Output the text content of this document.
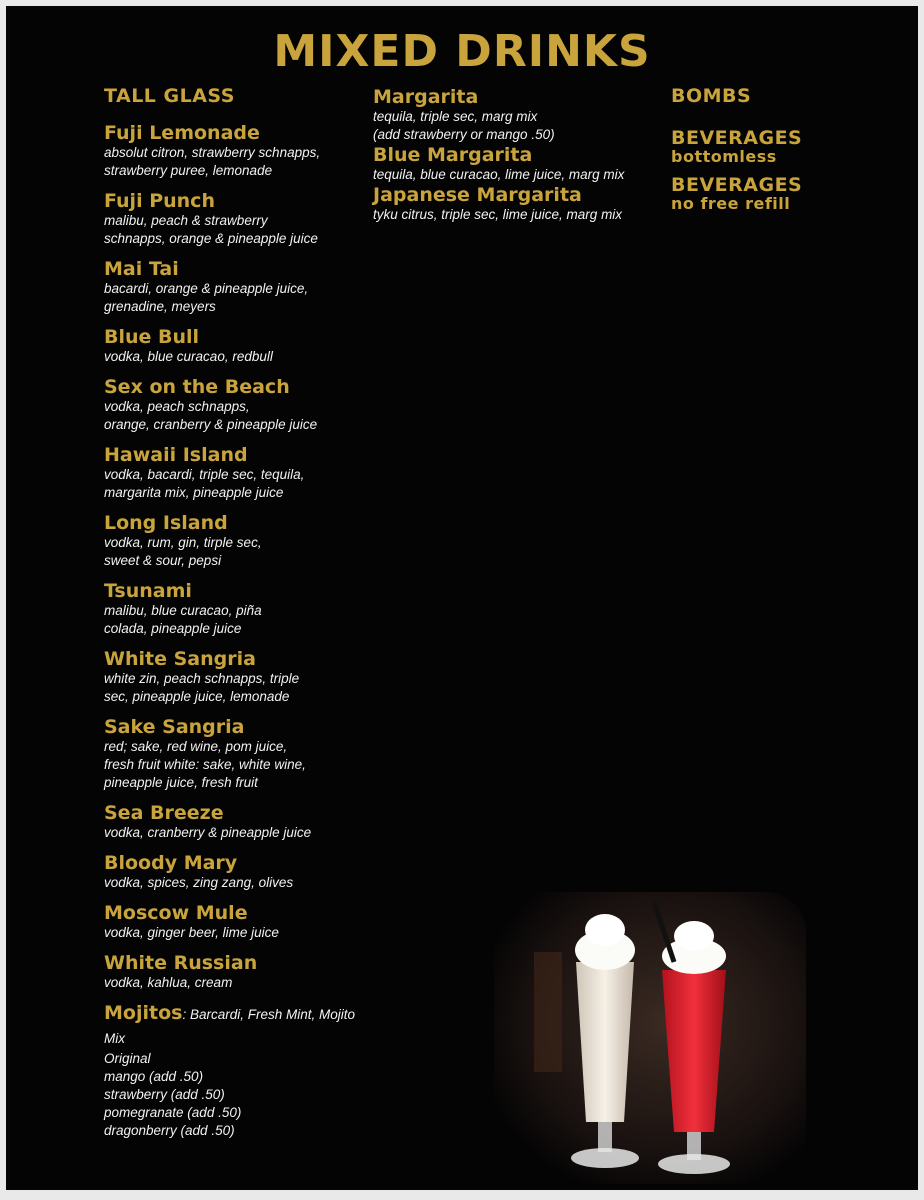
MIXED DRINKS
TALL GLASS
Fuji Lemonade
absolut citron, strawberry schnapps,
strawberry puree, lemonade
Fuji Punch
malibu, peach & strawberry
schnapps, orange & pineapple juice
Mai Tai
bacardi, orange & pineapple juice,
grenadine, meyers
Blue Bull
vodka, blue curacao, redbull
Sex on the Beach
vodka, peach schnapps,
orange, cranberry & pineapple juice
Hawaii Island
vodka, bacardi, triple sec, tequila,
margarita mix, pineapple juice
Long Island
vodka, rum, gin, tirple sec,
sweet & sour, pepsi
Tsunami
malibu, blue curacao, piña
colada, pineapple juice
White Sangria
white zin, peach schnapps, triple
sec, pineapple juice, lemonade
Sake Sangria
red; sake, red wine, pom juice,
fresh fruit white: sake, white wine,
pineapple juice, fresh fruit
Sea Breeze
vodka, cranberry & pineapple juice
Bloody Mary
vodka, spices, zing zang, olives
Moscow Mule
vodka, ginger beer, lime juice
White Russian
vodka, kahlua, cream
Mojitos: Barcardi, Fresh Mint, Mojito Mix
Original
mango (add .50)
strawberry (add .50)
pomegranate (add .50)
dragonberry (add .50)
Margarita
tequila, triple sec, marg mix
(add strawberry or mango .50)
Blue Margarita
tequila, blue curacao, lime juice, marg mix
Japanese Margarita
tyku citrus, triple sec, lime juice, marg mix
BOMBS
BEVERAGES
bottomless
BEVERAGES
no free refill
